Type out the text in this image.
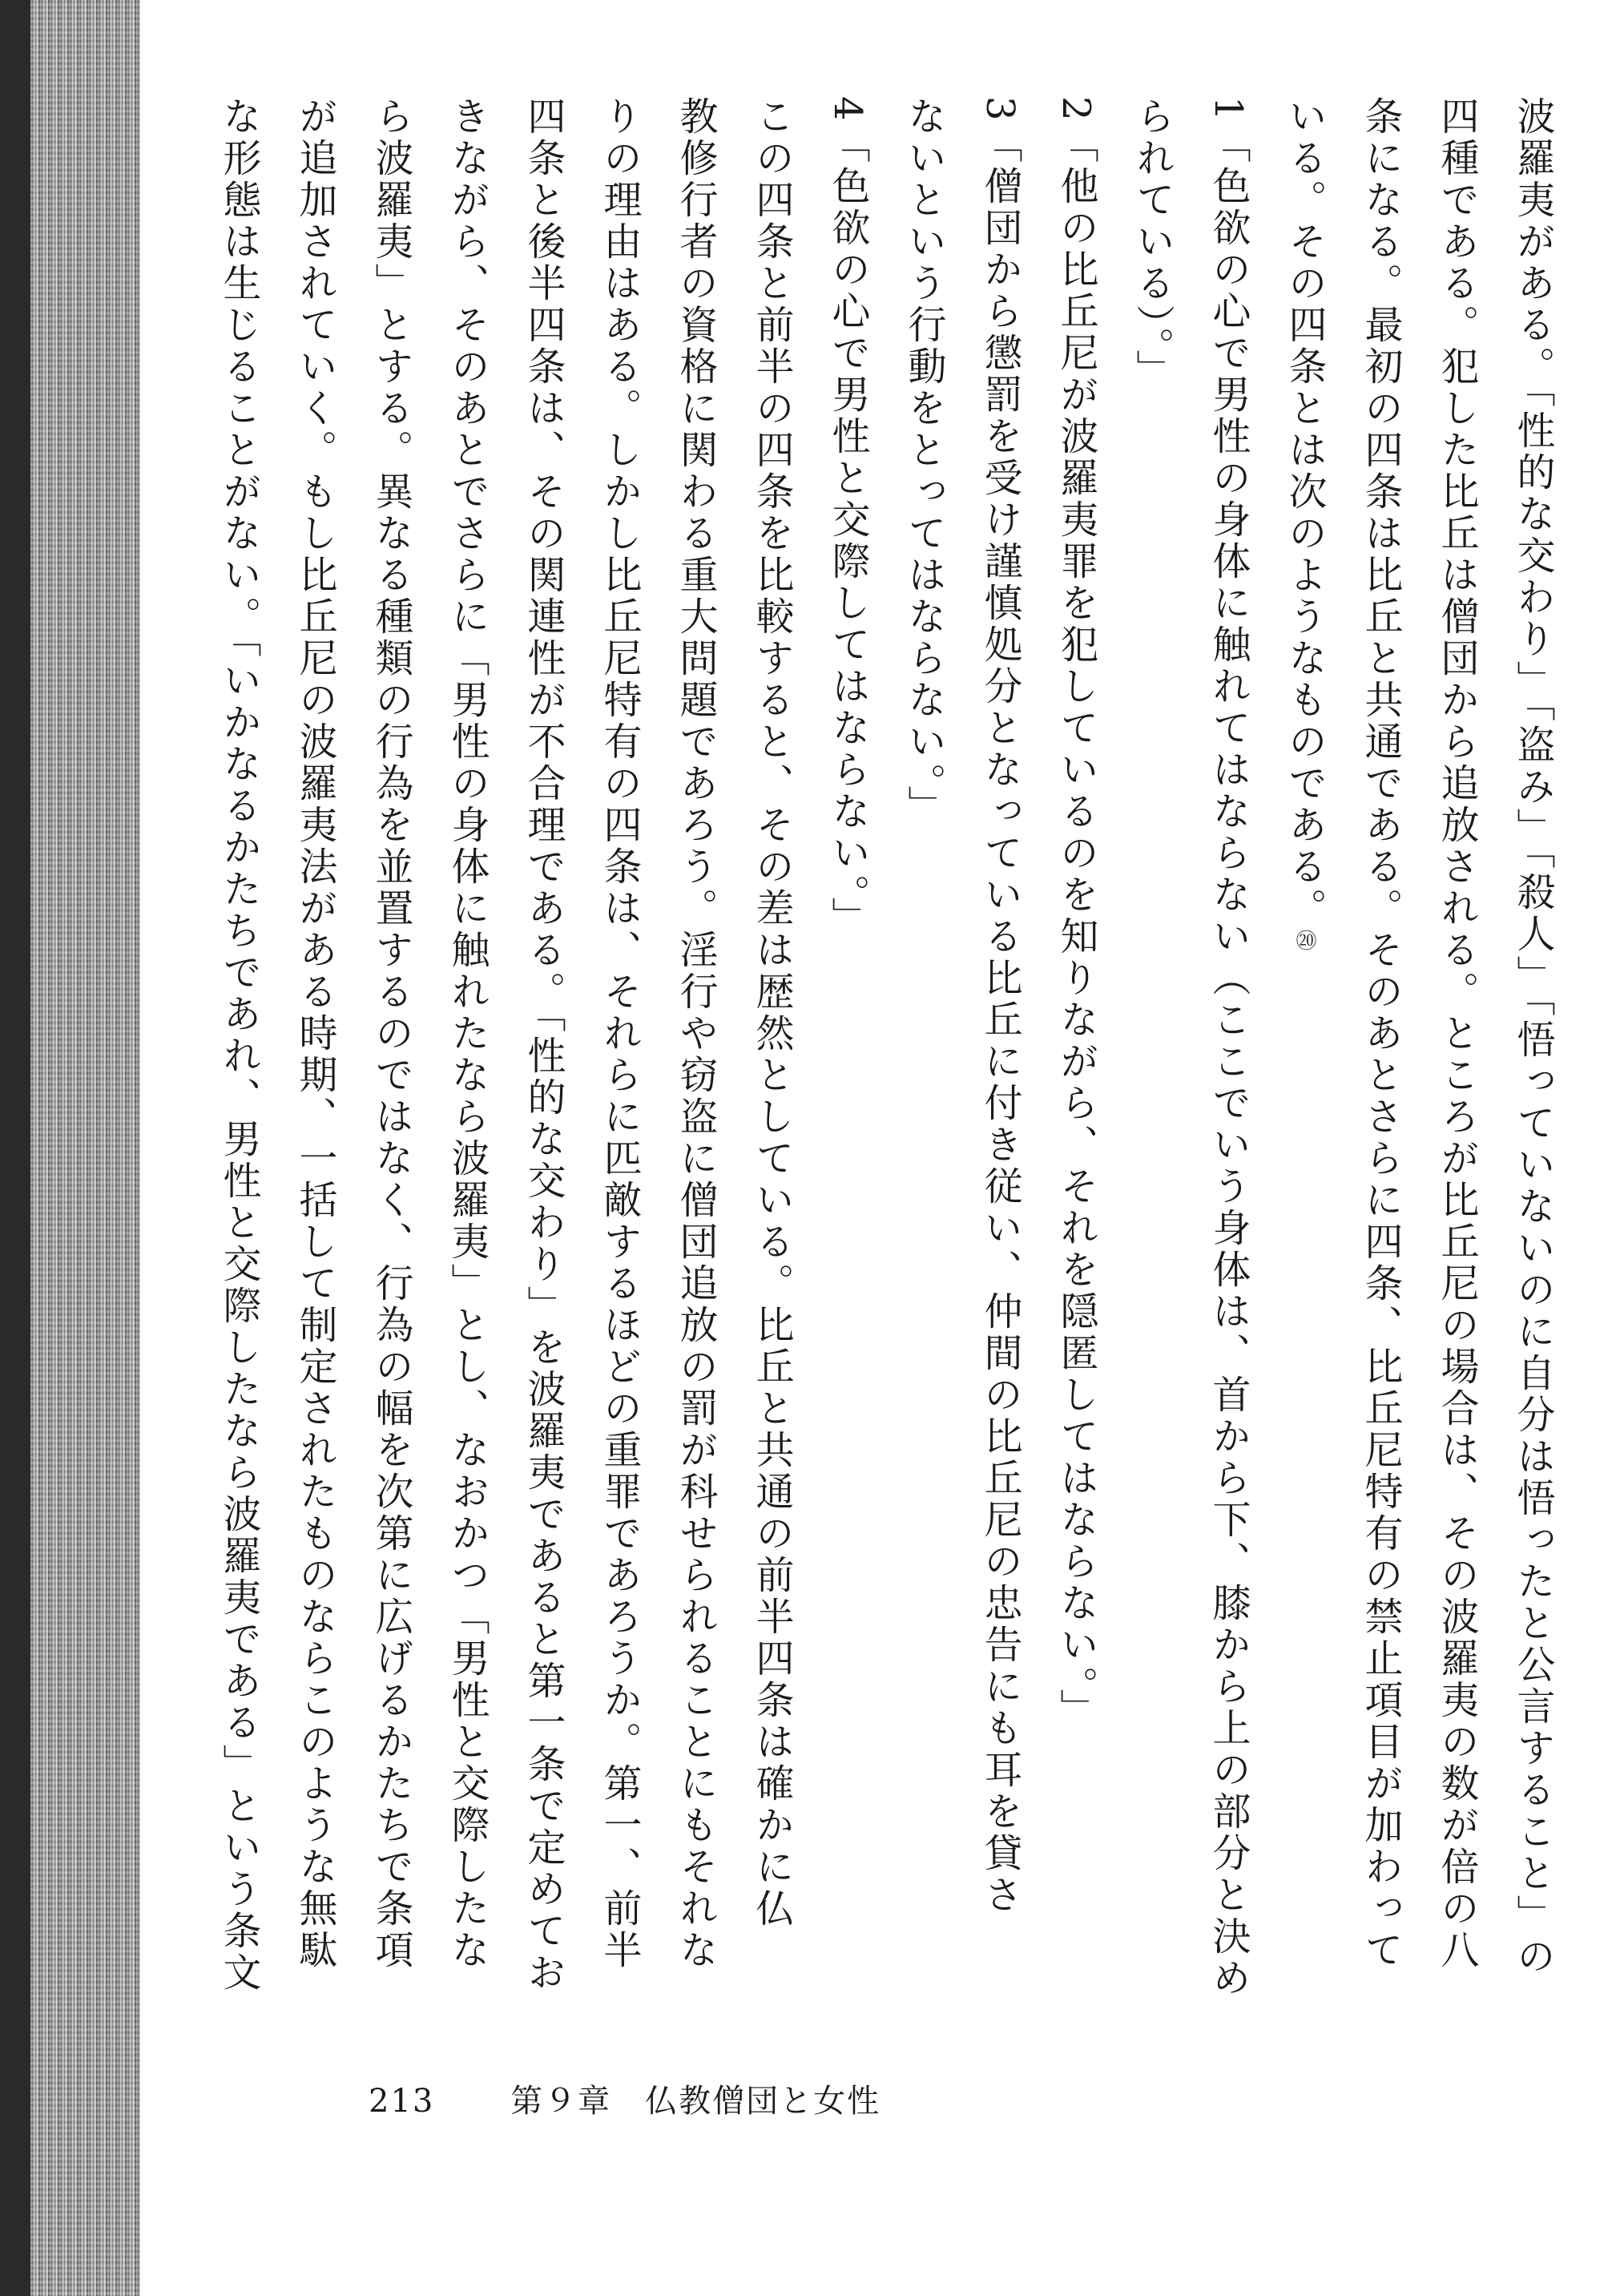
波羅夷がある。「性的な交わり」「盗み」「殺人」「悟っていないのに自分は悟ったと公言すること」の

四種である。犯した比丘は僧団から追放される。ところが比丘尼の場合は、その波羅夷の数が倍の八

条になる。最初の四条は比丘と共通である。そのあとさらに四条、比丘尼特有の禁止項目が加わって

いる。その四条とは次のようなものである。⑳

1「色欲の心で男性の身体に触れてはならない（ここでいう身体は、首から下、膝から上の部分と決め

られている）。」

2「他の比丘尼が波羅夷罪を犯しているのを知りながら、それを隠匿してはならない。」

3「僧団から懲罰を受け謹慎処分となっている比丘に付き従い、仲間の比丘尼の忠告にも耳を貸さ

ないという行動をとってはならない。」

4「色欲の心で男性と交際してはならない。」

この四条と前半の四条を比較すると、その差は歴然としている。比丘と共通の前半四条は確かに仏

教修行者の資格に関わる重大問題であろう。淫行や窃盗に僧団追放の罰が科せられることにもそれな

りの理由はある。しかし比丘尼特有の四条は、それらに匹敵するほどの重罪であろうか。第一、前半

四条と後半四条は、その関連性が不合理である。「性的な交わり」を波羅夷であると第一条で定めてお

きながら、そのあとでさらに「男性の身体に触れたなら波羅夷」とし、なおかつ「男性と交際したな

ら波羅夷」とする。異なる種類の行為を並置するのではなく、行為の幅を次第に広げるかたちで条項

が追加されていく。もし比丘尼の波羅夷法がある時期、一括して制定されたものならこのような無駄

な形態は生じることがない。「いかなるかたちであれ、男性と交際したなら波羅夷である」という条文

213 第９章　仏教僧団と女性
